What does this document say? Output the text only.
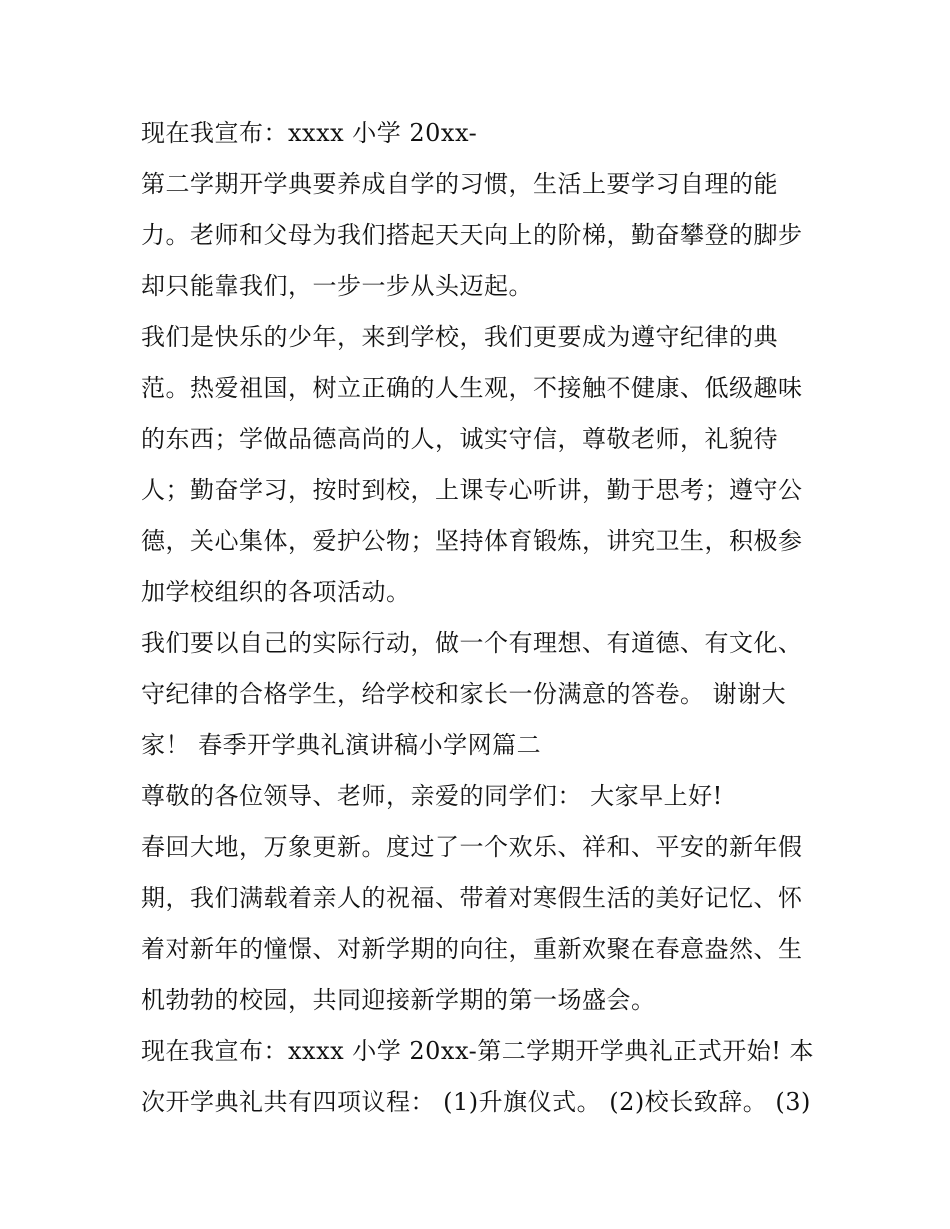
现在我宣布：xxxx 小学 20xx-
第二学期开学典要养成自学的习惯，生活上要学习自理的能
力。老师和父母为我们搭起天天向上的阶梯，勤奋攀登的脚步
却只能靠我们，一步一步从头迈起。
我们是快乐的少年，来到学校，我们更要成为遵守纪律的典
范。热爱祖国，树立正确的人生观，不接触不健康、低级趣味
的东西；学做品德高尚的人，诚实守信，尊敬老师，礼貌待
人；勤奋学习，按时到校，上课专心听讲，勤于思考；遵守公
德，关心集体，爱护公物；坚持体育锻炼，讲究卫生，积极参
加学校组织的各项活动。
我们要以自己的实际行动，做一个有理想、有道德、有文化、
守纪律的合格学生，给学校和家长一份满意的答卷。 谢谢大
家！ 春季开学典礼演讲稿小学网篇二
尊敬的各位领导、老师，亲爱的同学们： 大家早上好!
春回大地，万象更新。度过了一个欢乐、祥和、平安的新年假
期，我们满载着亲人的祝福、带着对寒假生活的美好记忆、怀
着对新年的憧憬、对新学期的向往，重新欢聚在春意盎然、生
机勃勃的校园，共同迎接新学期的第一场盛会。
现在我宣布：xxxx 小学 20xx-第二学期开学典礼正式开始! 本
次开学典礼共有四项议程： (1)升旗仪式。 (2)校长致辞。 (3)
